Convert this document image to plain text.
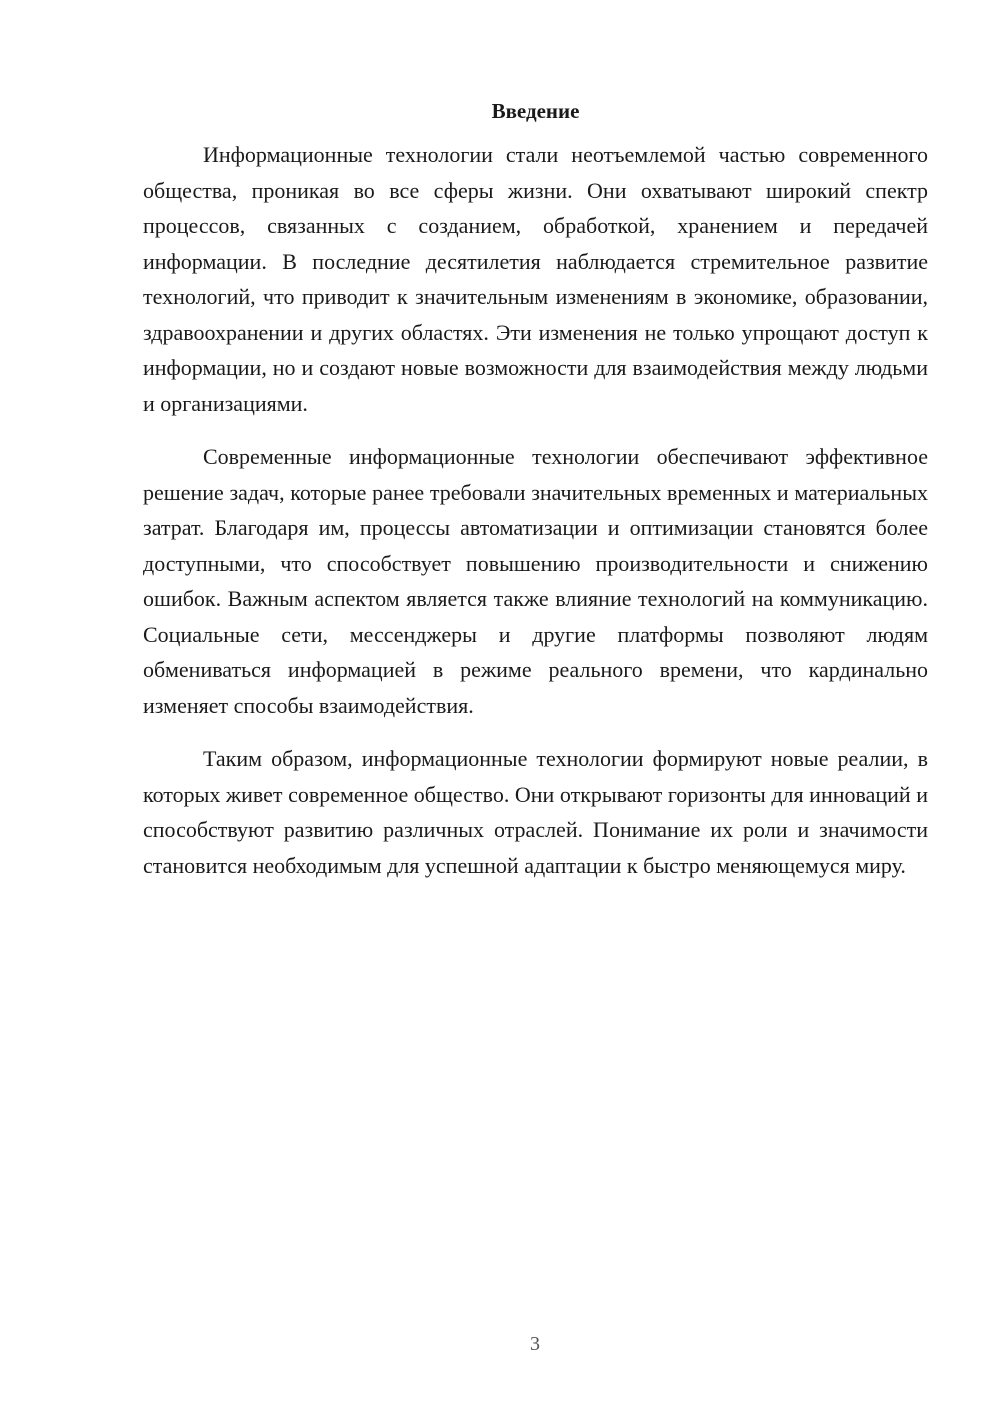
Введение

Информационные технологии стали неотъемлемой частью современного общества, проникая во все сферы жизни. Они охватывают широкий спектр процессов, связанных с созданием, обработкой, хранением и передачей информации. В последние десятилетия наблюдается стремительное развитие технологий, что приводит к значительным изменениям в экономике, образовании, здравоохранении и других областях. Эти изменения не только упрощают доступ к информации, но и создают новые возможности для взаимодействия между людьми и организациями.

Современные информационные технологии обеспечивают эффективное решение задач, которые ранее требовали значительных временных и материальных затрат. Благодаря им, процессы автоматизации и оптимизации становятся более доступными, что способствует повышению производительности и снижению ошибок. Важным аспектом является также влияние технологий на коммуникацию. Социальные сети, мессенджеры и другие платформы позволяют людям обмениваться информацией в режиме реального времени, что кардинально изменяет способы взаимодействия.

Таким образом, информационные технологии формируют новые реалии, в которых живет современное общество. Они открывают горизонты для инноваций и способствуют развитию различных отраслей. Понимание их роли и значимости становится необходимым для успешной адаптации к быстро меняющемуся миру.

3
